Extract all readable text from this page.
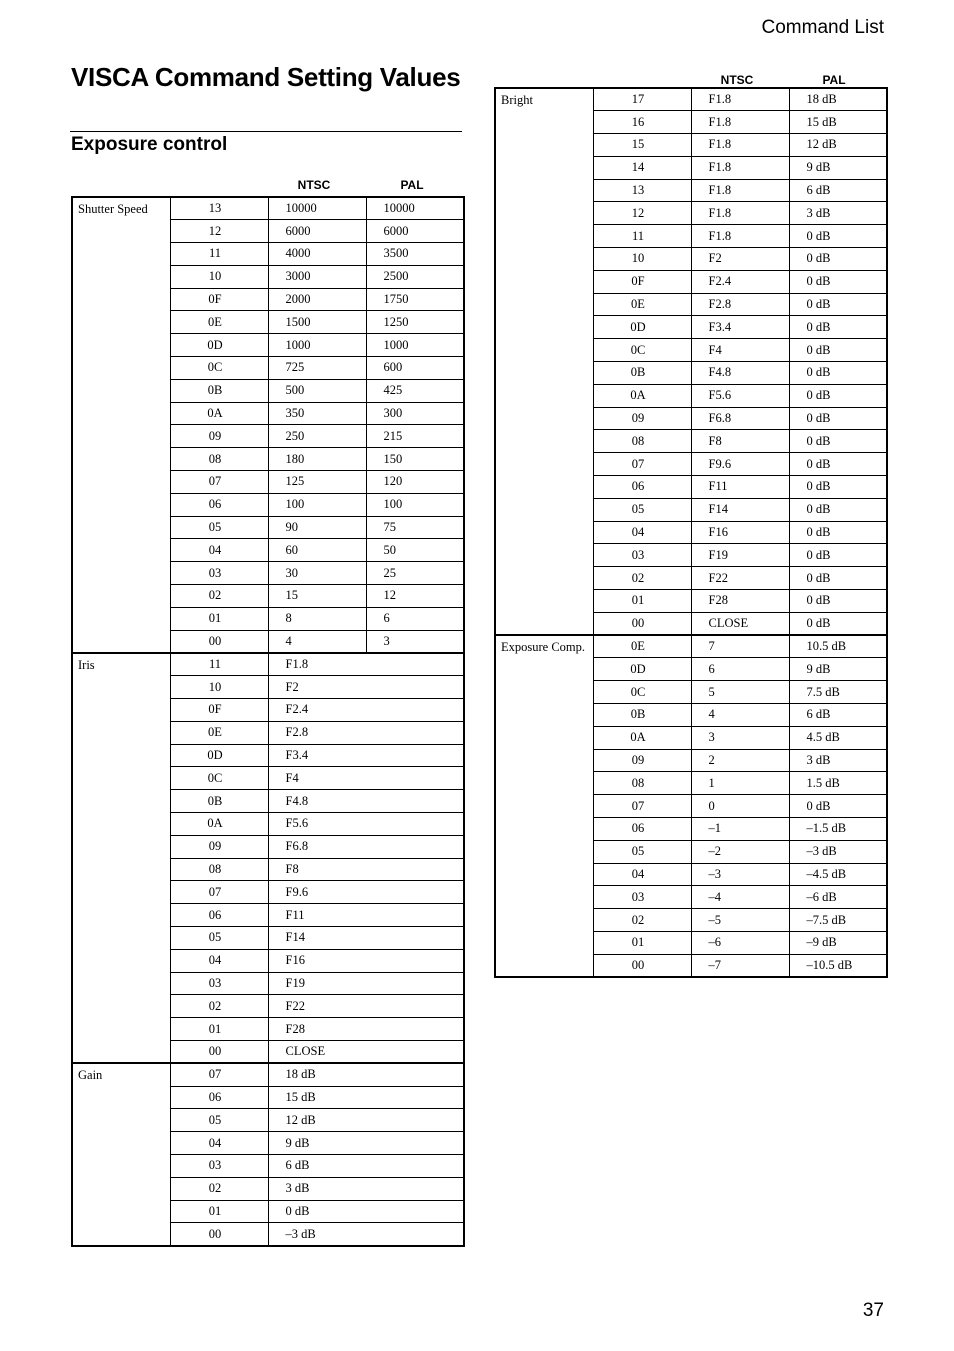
Command List
VISCA Command Setting Values
Exposure control
NTSC	PAL
NTSC	PAL
Shutter Speed	13	10000	10000
	12	6000	6000
	11	4000	3500
	10	3000	2500
	0F	2000	1750
	0E	1500	1250
	0D	1000	1000
	0C	725	600
	0B	500	425
	0A	350	300
	09	250	215
	08	180	150
	07	125	120
	06	100	100
	05	90	75
	04	60	50
	03	30	25
	02	15	12
	01	8	6
	00	4	3
Iris	11	F1.8	
	10	F2	
	0F	F2.4	
	0E	F2.8	
	0D	F3.4	
	0C	F4	
	0B	F4.8	
	0A	F5.6	
	09	F6.8	
	08	F8	
	07	F9.6	
	06	F11	
	05	F14	
	04	F16	
	03	F19	
	02	F22	
	01	F28	
	00	CLOSE	
Gain	07	18 dB	
	06	15 dB	
	05	12 dB	
	04	9 dB	
	03	6 dB	
	02	3 dB	
	01	0 dB	
	00	–3 dB	
Bright	17	F1.8	18 dB
	16	F1.8	15 dB
	15	F1.8	12 dB
	14	F1.8	9 dB
	13	F1.8	6 dB
	12	F1.8	3 dB
	11	F1.8	0 dB
	10	F2	0 dB
	0F	F2.4	0 dB
	0E	F2.8	0 dB
	0D	F3.4	0 dB
	0C	F4	0 dB
	0B	F4.8	0 dB
	0A	F5.6	0 dB
	09	F6.8	0 dB
	08	F8	0 dB
	07	F9.6	0 dB
	06	F11	0 dB
	05	F14	0 dB
	04	F16	0 dB
	03	F19	0 dB
	02	F22	0 dB
	01	F28	0 dB
	00	CLOSE	0 dB
Exposure Comp.	0E	7	10.5 dB
	0D	6	9 dB
	0C	5	7.5 dB
	0B	4	6 dB
	0A	3	4.5 dB
	09	2	3 dB
	08	1	1.5 dB
	07	0	0 dB
	06	–1	–1.5 dB
	05	–2	–3 dB
	04	–3	–4.5 dB
	03	–4	–6 dB
	02	–5	–7.5 dB
	01	–6	–9 dB
	00	–7	–10.5 dB
37
